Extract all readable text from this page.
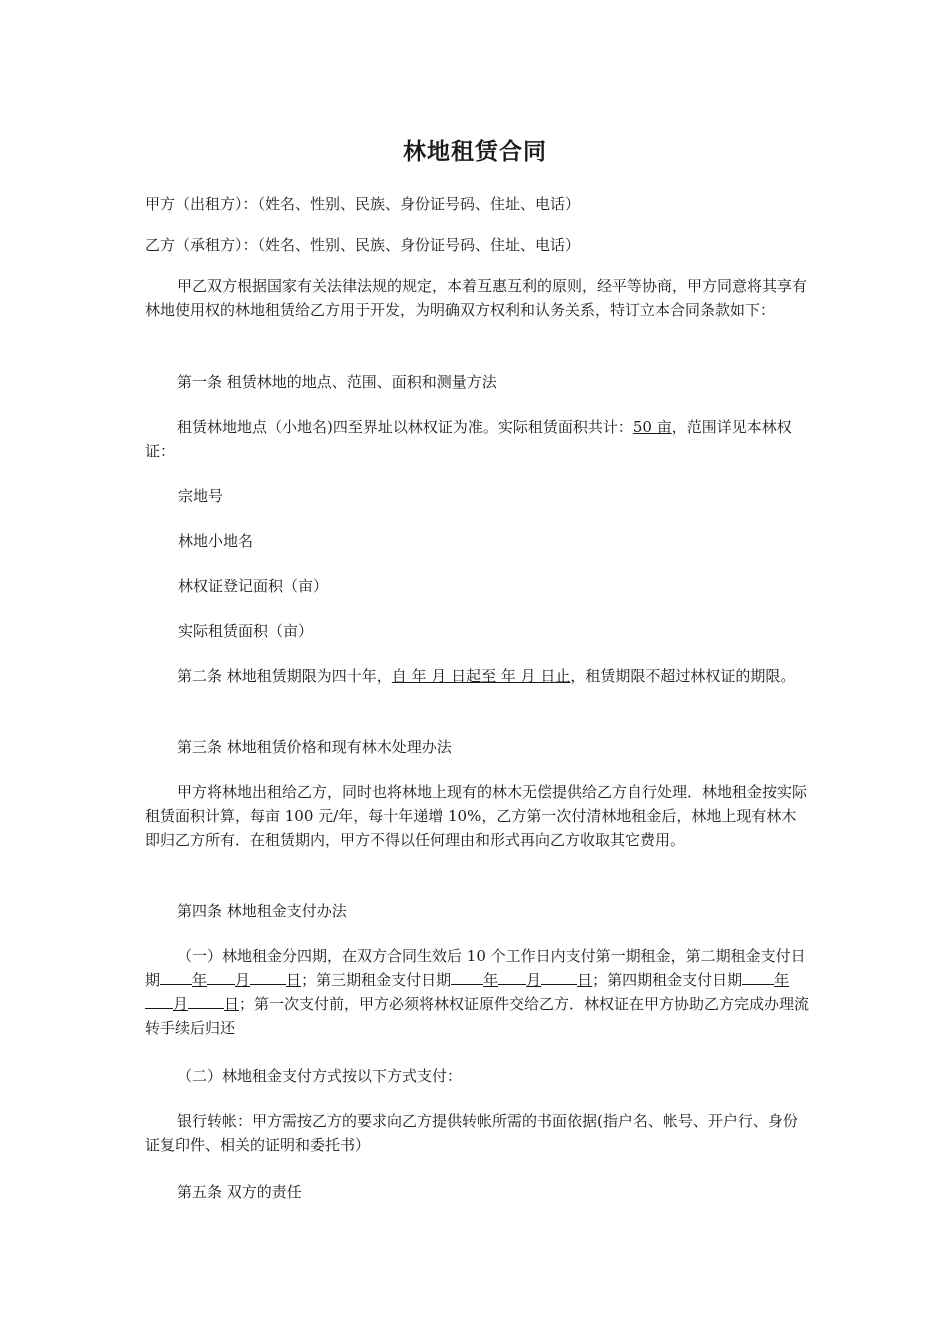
林地租赁合同

甲方（出租方）：（姓名、性别、民族、身份证号码、住址、电话）

乙方（承租方）：（姓名、性别、民族、身份证号码、住址、电话）

甲乙双方根据国家有关法律法规的规定，本着互惠互利的原则，经平等协商，甲方同意将其享有林地使用权的林地租赁给乙方用于开发，为明确双方权利和认务关系，特订立本合同条款如下：

第一条 租赁林地的地点、范围、面积和测量方法

租赁林地地点（小地名)四至界址以林权证为准。实际租赁面积共计：50 亩，范围详见本林权证：

宗地号

林地小地名

林权证登记面积（亩）

实际租赁面积（亩）

第二条 林地租赁期限为四十年，自 年 月 日起至 年 月 日止，租赁期限不超过林权证的期限。

第三条 林地租赁价格和现有林木处理办法

甲方将林地出租给乙方，同时也将林地上现有的林木无偿提供给乙方自行处理．林地租金按实际租赁面积计算，每亩 100 元/年，每十年递增 10%，乙方第一次付清林地租金后，林地上现有林木即归乙方所有．在租赁期内，甲方不得以任何理由和形式再向乙方收取其它费用。

第四条 林地租金支付办法

（一）林地租金分四期，在双方合同生效后 10 个工作日内支付第一期租金，第二期租金支付日期 年 月 日；第三期租金支付日期 年 月 日；第四期租金支付日期 年月 日；第一次支付前，甲方必须将林权证原件交给乙方．林权证在甲方协助乙方完成办理流转手续后归还

（二）林地租金支付方式按以下方式支付：

银行转帐：甲方需按乙方的要求向乙方提供转帐所需的书面依据(指户名、帐号、开户行、身份证复印件、相关的证明和委托书）

第五条 双方的责任
